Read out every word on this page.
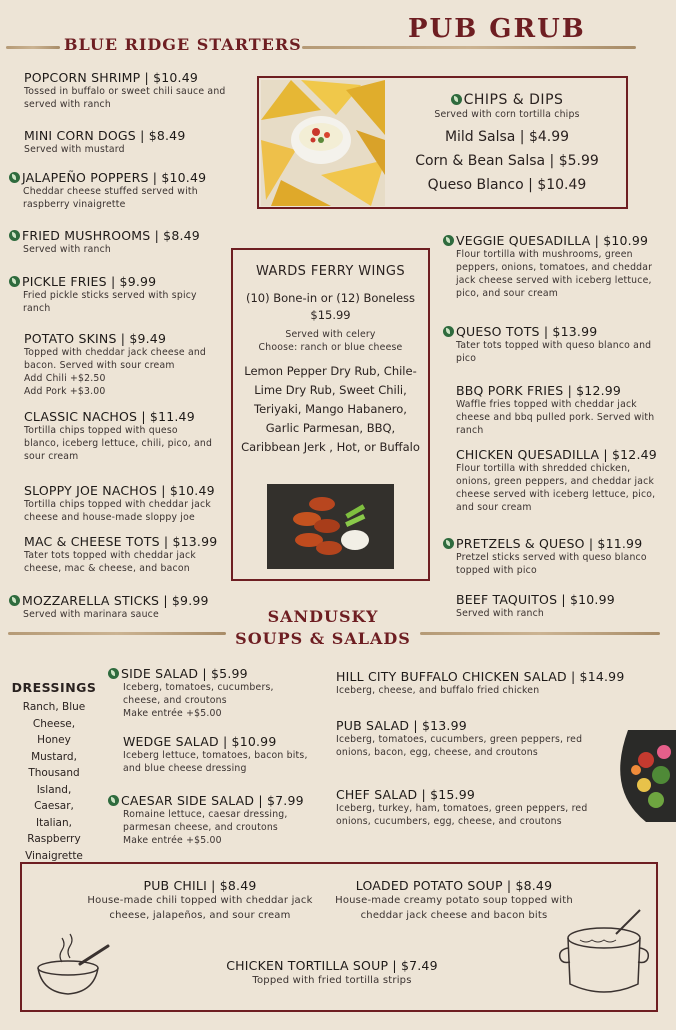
PUB GRUB
BLUE RIDGE STARTERS
POPCORN SHRIMP | $10.49
Tossed in buffalo or sweet chili sauce and served with ranch
MINI CORN DOGS | $8.49
Served with mustard
JALAPEÑO POPPERS | $10.49
Cheddar cheese stuffed served with raspberry vinaigrette
FRIED MUSHROOMS | $8.49
Served with ranch
PICKLE FRIES | $9.99
Fried pickle sticks served with spicy ranch
POTATO SKINS | $9.49
Topped with cheddar jack cheese and bacon. Served with sour cream
Add Chili +$2.50
Add Pork +$3.00
CLASSIC NACHOS | $11.49
Tortilla chips topped with queso blanco, iceberg lettuce, chili, pico, and sour cream
SLOPPY JOE NACHOS | $10.49
Tortilla chips topped with cheddar jack cheese and house-made sloppy joe
MAC & CHEESE TOTS | $13.99
Tater tots topped with cheddar jack cheese, mac & cheese, and bacon
MOZZARELLA STICKS | $9.99
Served with marinara sauce
CHIPS & DIPS
Served with corn tortilla chips
Mild Salsa | $4.99
Corn & Bean Salsa | $5.99
Queso Blanco | $10.49
WARDS FERRY WINGS
(10) Bone-in or (12) Boneless
$15.99
Served with celery
Choose: ranch or blue cheese
Lemon Pepper Dry Rub, Chile-Lime Dry Rub, Sweet Chili, Teriyaki, Mango Habanero, Garlic Parmesan, BBQ, Caribbean Jerk , Hot, or Buffalo
VEGGIE QUESADILLA | $10.99
Flour tortilla with mushrooms, green peppers, onions, tomatoes, and cheddar jack cheese served with iceberg lettuce, pico, and sour cream
QUESO TOTS | $13.99
Tater tots topped with queso blanco and pico
BBQ PORK FRIES | $12.99
Waffle fries topped with cheddar jack cheese and bbq pulled pork. Served with ranch
CHICKEN QUESADILLA | $12.49
Flour tortilla with shredded chicken, onions, green peppers, and cheddar jack cheese served with iceberg lettuce, pico, and sour cream
PRETZELS & QUESO | $11.99
Pretzel sticks served with queso blanco topped with pico
BEEF TAQUITOS | $10.99
Served with ranch
SANDUSKY
SOUPS & SALADS
DRESSINGS
Ranch, Blue Cheese, Honey Mustard, Thousand Island, Caesar, Italian, Raspberry Vinaigrette
SIDE SALAD | $5.99
Iceberg, tomatoes, cucumbers, cheese, and croutons
Make entrée +$5.00
WEDGE SALAD | $10.99
Iceberg lettuce, tomatoes, bacon bits, and blue cheese dressing
CAESAR SIDE SALAD | $7.99
Romaine lettuce, caesar dressing, parmesan cheese, and croutons
Make entrée +$5.00
HILL CITY BUFFALO CHICKEN SALAD | $14.99
Iceberg, cheese, and buffalo fried chicken
PUB SALAD | $13.99
Iceberg, tomatoes, cucumbers, green peppers, red onions, bacon, egg, cheese, and croutons
CHEF SALAD | $15.99
Iceberg, turkey, ham, tomatoes, green peppers, red onions, cucumbers, egg, cheese, and croutons
PUB CHILI | $8.49
House-made chili topped with cheddar jack cheese, jalapeños, and sour cream
LOADED POTATO SOUP | $8.49
House-made creamy potato soup topped with cheddar jack cheese and bacon bits
CHICKEN TORTILLA SOUP | $7.49
Topped with fried tortilla strips
